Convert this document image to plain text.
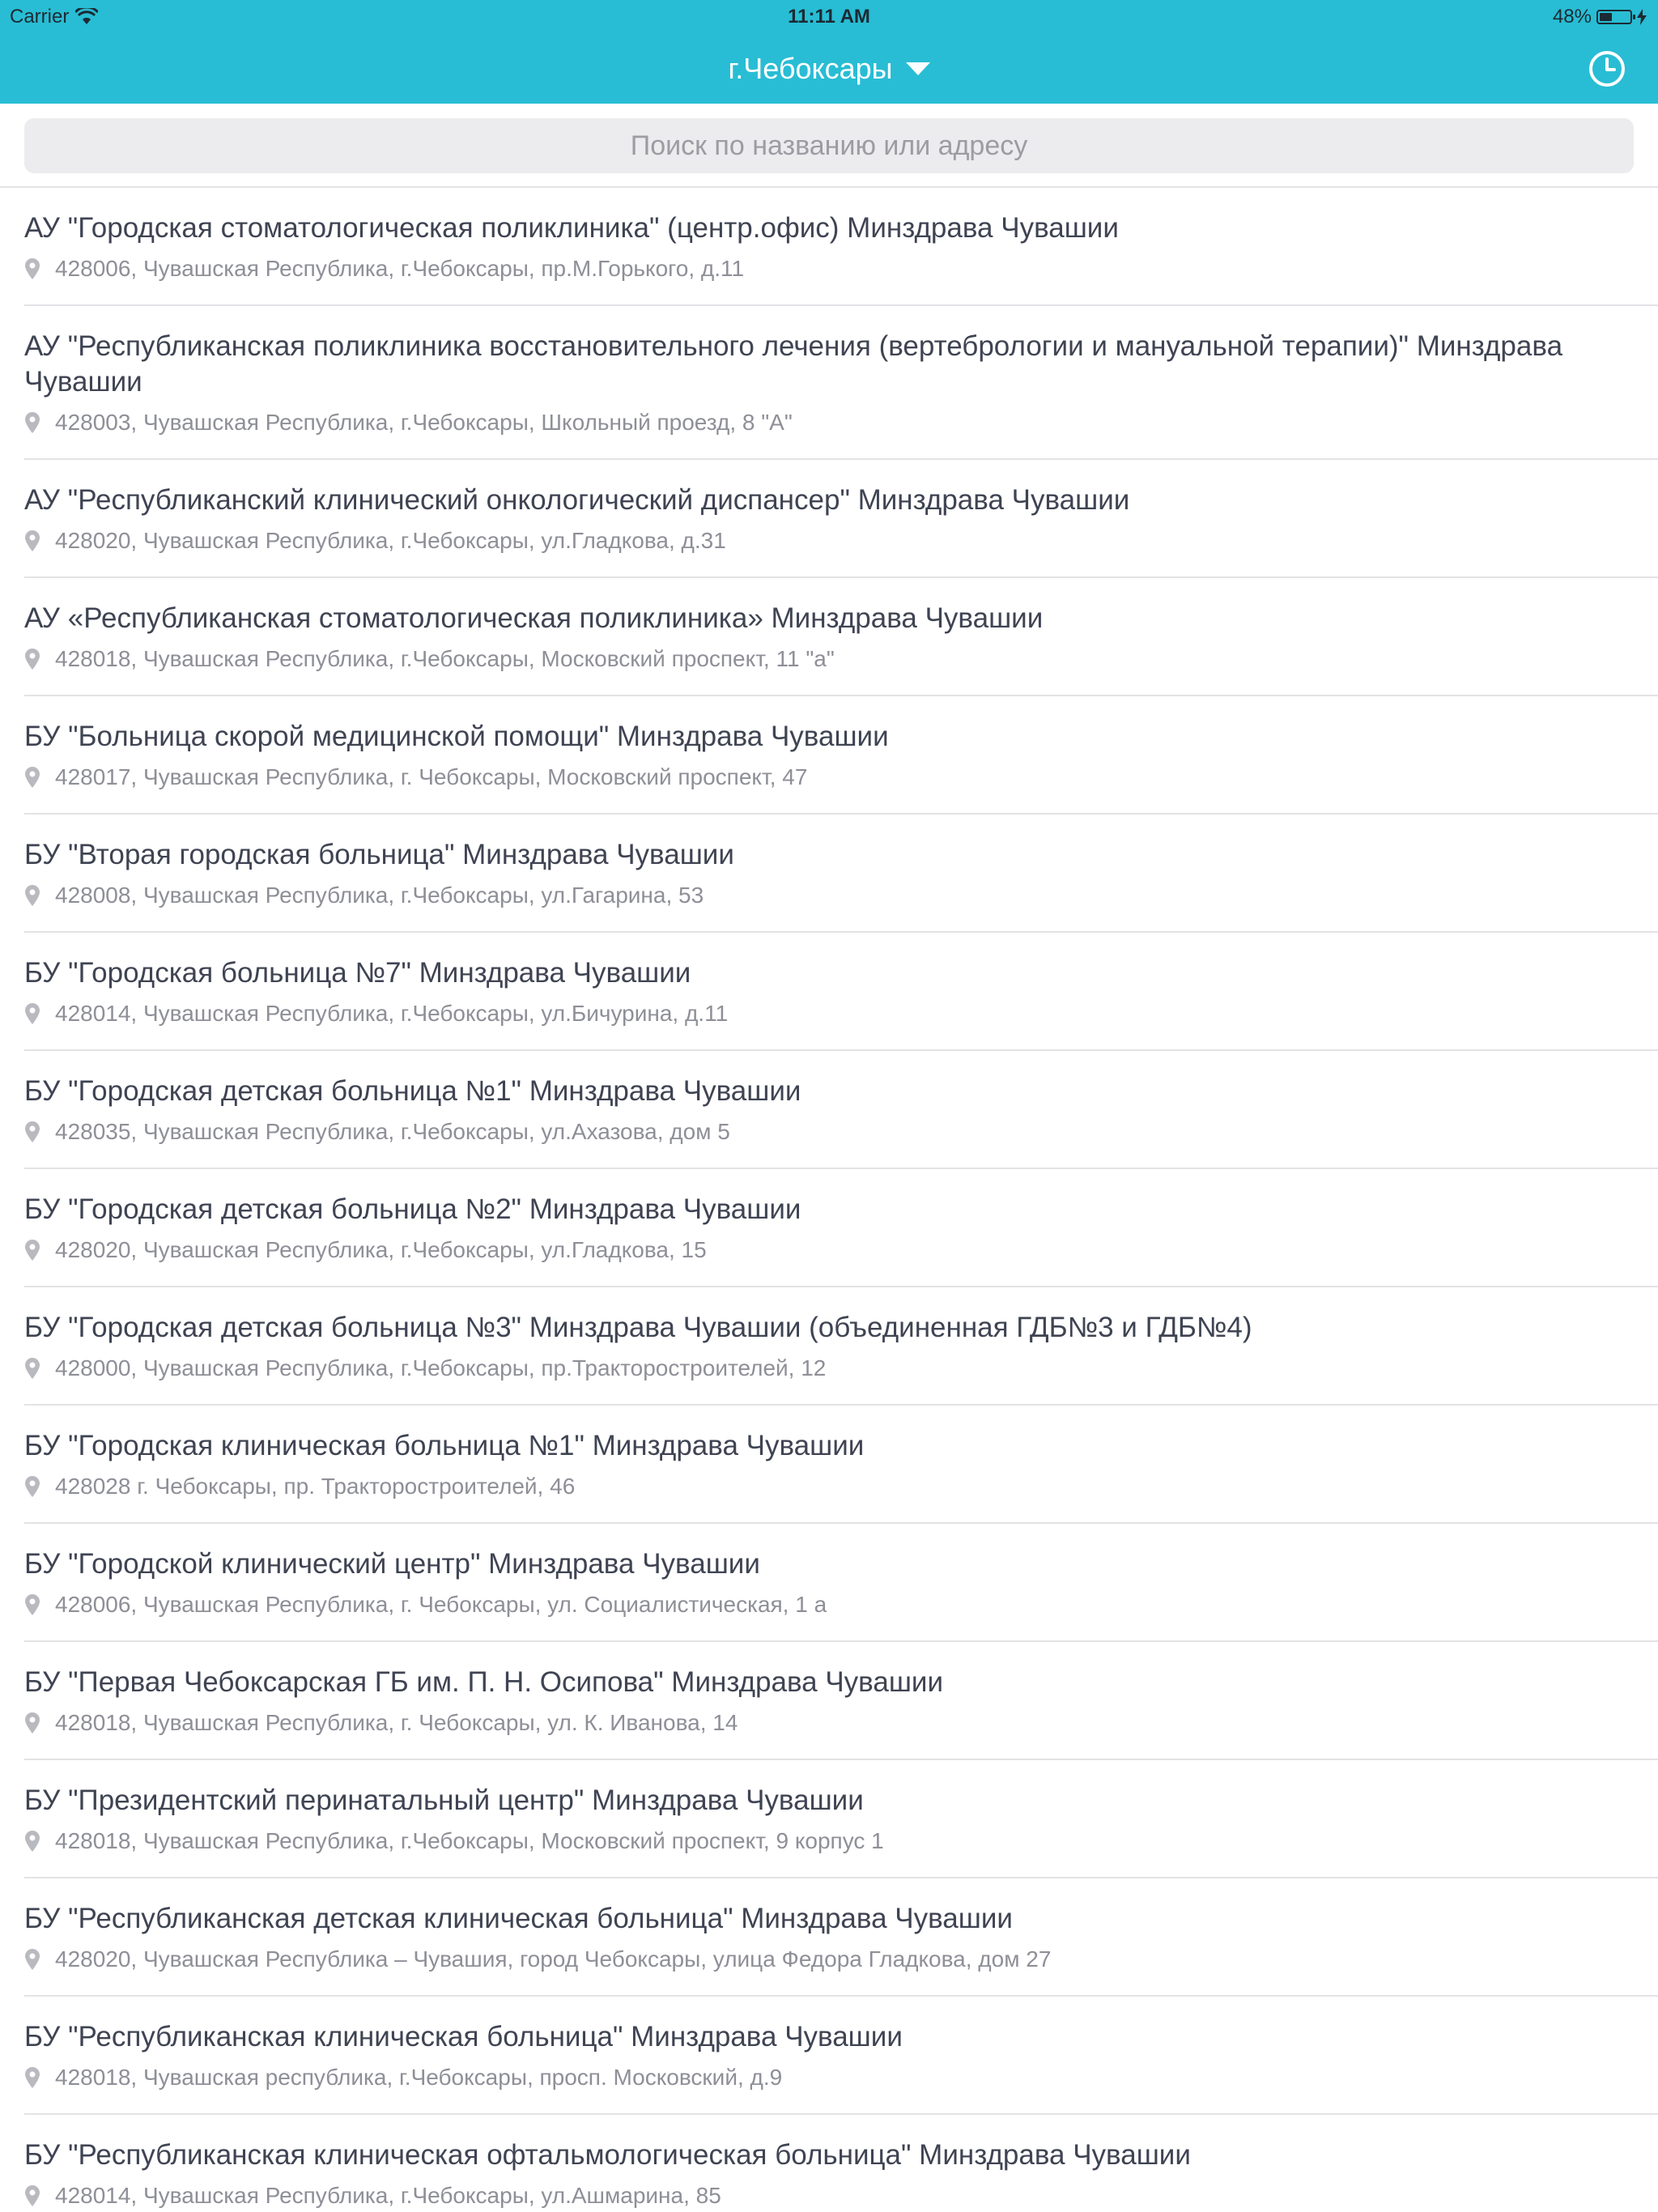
Carrier	11:11 AM	48%
г.Чебоксары
Поиск по названию или адресу
АУ "Городская стоматологическая поликлиника" (центр.офис) Минздрава Чувашии
428006, Чувашская Республика, г.Чебоксары, пр.М.Горького, д.11
АУ "Республиканская поликлиника восстановительного лечения (вертебрологии и мануальной терапии)" Минздрава Чувашии
428003, Чувашская Республика, г.Чебоксары, Школьный проезд, 8 "А"
АУ "Республиканский клинический онкологический диспансер" Минздрава Чувашии
428020, Чувашская Республика, г.Чебоксары, ул.Гладкова, д.31
АУ «Республиканская стоматологическая поликлиника» Минздрава Чувашии
428018, Чувашская Республика, г.Чебоксары, Московский проспект, 11 "а"
БУ "Больница скорой медицинской помощи" Минздрава Чувашии
428017, Чувашская Республика, г. Чебоксары, Московский проспект, 47
БУ "Вторая городская больница" Минздрава Чувашии
428008, Чувашская Республика, г.Чебоксары, ул.Гагарина, 53
БУ "Городская больница №7" Минздрава Чувашии
428014, Чувашская Республика, г.Чебоксары, ул.Бичурина, д.11
БУ "Городская детская больница №1" Минздрава Чувашии
428035, Чувашская Республика, г.Чебоксары, ул.Ахазова, дом 5
БУ "Городская детская больница №2" Минздрава Чувашии
428020, Чувашская Республика, г.Чебоксары, ул.Гладкова, 15
БУ "Городская детская больница №3" Минздрава Чувашии (объединенная ГДБ№3 и ГДБ№4)
428000, Чувашская Республика, г.Чебоксары, пр.Тракторостроителей, 12
БУ "Городская клиническая больница №1" Минздрава Чувашии
428028 г. Чебоксары, пр. Тракторостроителей, 46
БУ "Городской клинический центр" Минздрава Чувашии
428006, Чувашская Республика, г. Чебоксары, ул. Социалистическая, 1 а
БУ "Первая Чебоксарская ГБ им. П. Н. Осипова" Минздрава Чувашии
428018, Чувашская Республика, г. Чебоксары, ул. К. Иванова, 14
БУ "Президентский перинатальный центр" Минздрава Чувашии
428018, Чувашская Республика, г.Чебоксары, Московский проспект, 9 корпус 1
БУ "Республиканская детская клиническая больница" Минздрава Чувашии
428020, Чувашская Республика – Чувашия, город Чебоксары, улица Федора Гладкова, дом 27
БУ "Республиканская клиническая больница" Минздрава Чувашии
428018, Чувашская республика, г.Чебоксары, просп. Московский, д.9
БУ "Республиканская клиническая офтальмологическая больница" Минздрава Чувашии
428014, Чувашская Республика, г.Чебоксары, ул.Ашмарина, 85
